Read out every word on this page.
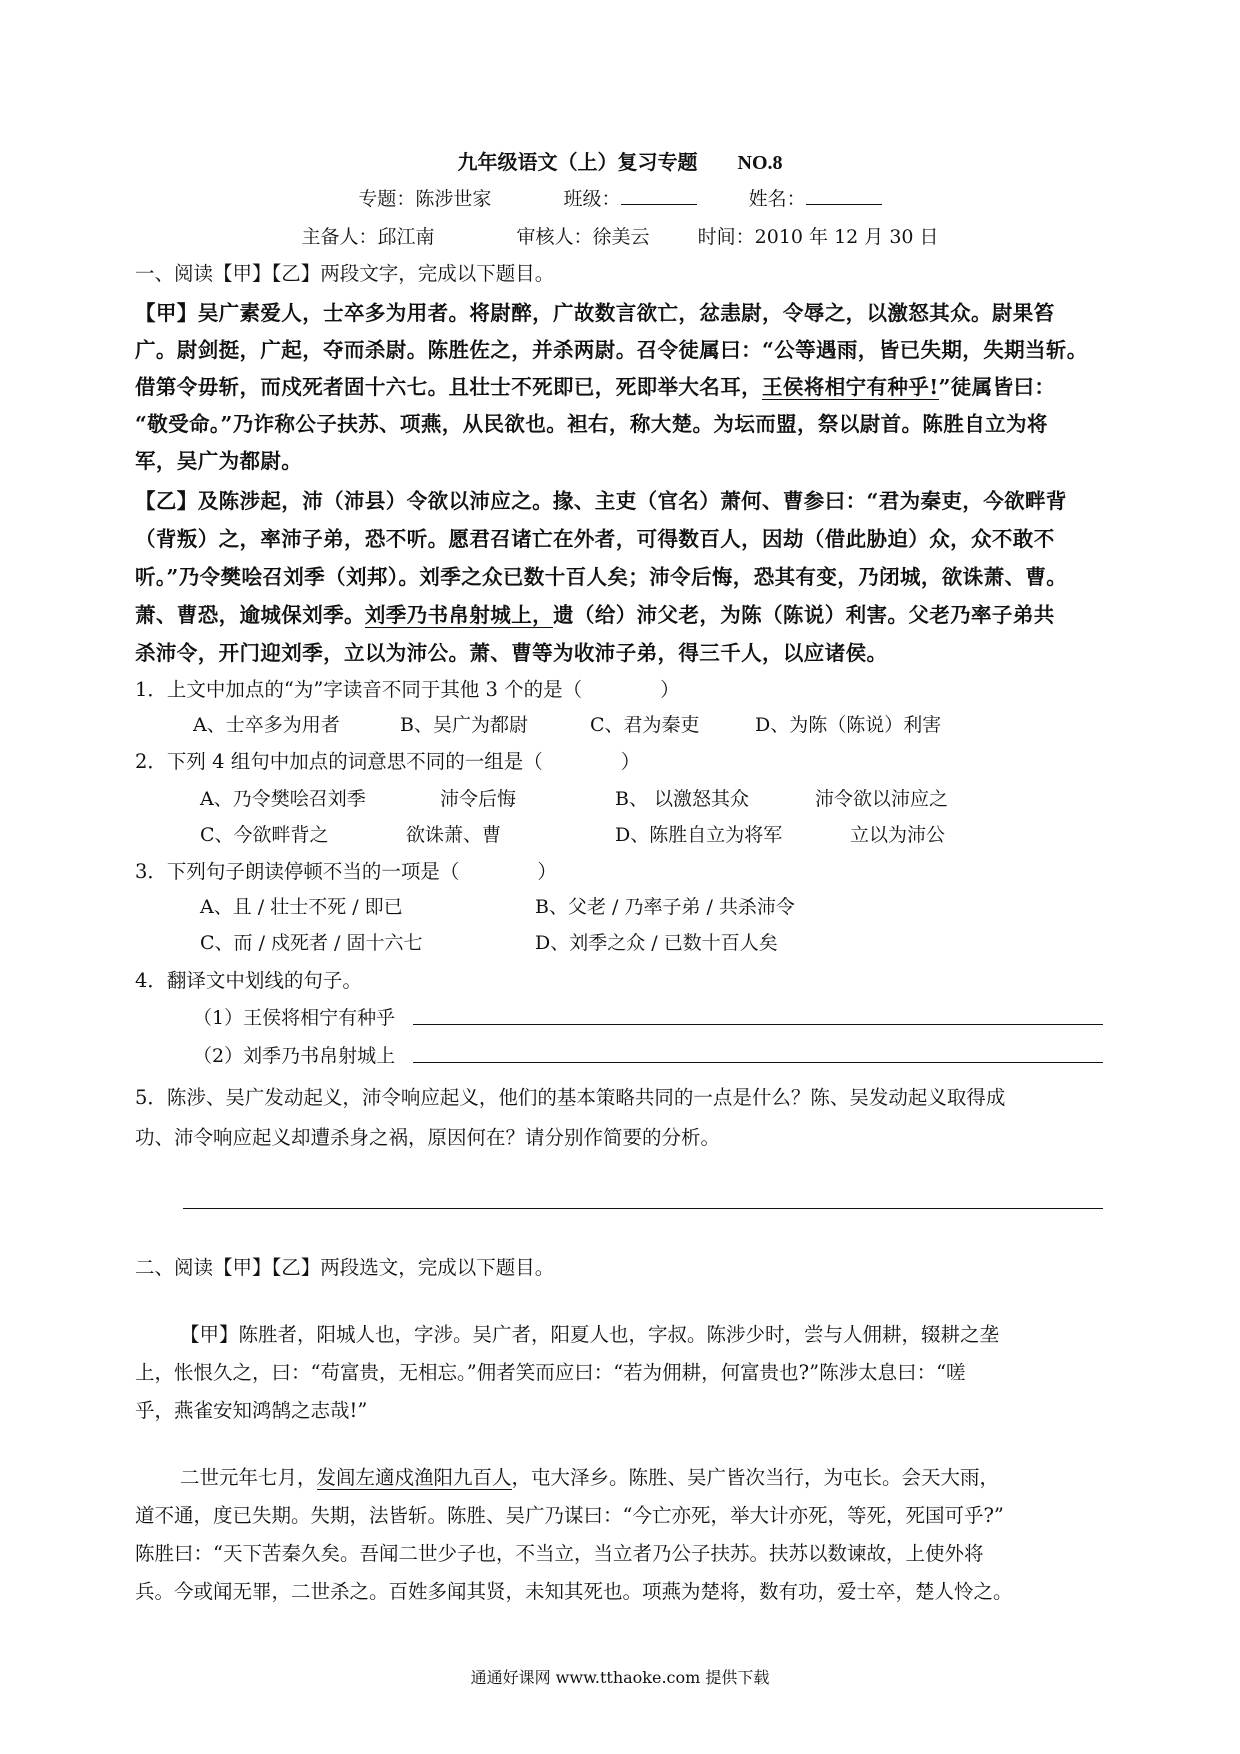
九年级语文（上）复习专题 NO.8
专题：陈涉世家	班级：	姓名：
主备人：邱江南	审核人：徐美云	时间：2010 年 12 月 30 日
一、阅读【甲】【乙】两段文字，完成以下题目。
【甲】吴广素爱人，士卒多为用者。将尉醉，广故数言欲亡，忿恚尉，令辱之，以激怒其众。尉果笞
广。尉剑挺，广起，夺而杀尉。陈胜佐之，并杀两尉。召令徒属曰：“公等遇雨，皆已失期，失期当斩。
借第令毋斩，而戍死者固十六七。且壮士不死即已，死即举大名耳，王侯将相宁有种乎!”徒属皆曰：
“敬受命。”乃诈称公子扶苏、项燕，从民欲也。袒右，称大楚。为坛而盟，祭以尉首。陈胜自立为将
军，吴广为都尉。
【乙】及陈涉起，沛（沛县）令欲以沛应之。掾、主吏（官名）萧何、曹参曰：“君为秦吏，今欲畔背
（背叛）之，率沛子弟，恐不听。愿君召诸亡在外者，可得数百人，因劫（借此胁迫）众，众不敢不
听。”乃令樊哙召刘季（刘邦）。刘季之众已数十百人矣；沛令后悔，恐其有变，乃闭城，欲诛萧、曹。
萧、曹恐，逾城保刘季。刘季乃书帛射城上，遗（给）沛父老，为陈（陈说）利害。父老乃率子弟共
杀沛令，开门迎刘季，立以为沛公。萧、曹等为收沛子弟，得三千人，以应诸侯。
1．上文中加点的“为”字读音不同于其他 3 个的是（　　　　）
A、士卒多为用者	B、吴广为都尉	C、君为秦吏	D、为陈（陈说）利害
2．下列 4 组句中加点的词意思不同的一组是（　　　　）
A、乃令樊哙召刘季	沛令后悔	B、 以激怒其众	沛令欲以沛应之
C、今欲畔背之	欲诛萧、曹	D、陈胜自立为将军	立以为沛公
3．下列句子朗读停顿不当的一项是（　　　　）
A、且 / 壮士不死 / 即已	B、父老 / 乃率子弟 / 共杀沛令
C、而 / 戍死者 / 固十六七	D、刘季之众 / 已数十百人矣
4．翻译文中划线的句子。
（1）王侯将相宁有种乎
（2）刘季乃书帛射城上
5．陈涉、吴广发动起义，沛令响应起义，他们的基本策略共同的一点是什么？陈、吴发动起义取得成
功、沛令响应起义却遭杀身之祸，原因何在？请分别作简要的分析。
二、阅读【甲】【乙】两段选文，完成以下题目。
【甲】陈胜者，阳城人也，字涉。吴广者，阳夏人也，字叔。陈涉少时，尝与人佣耕，辍耕之垄
上，怅恨久之，曰：“苟富贵，无相忘。”佣者笑而应曰：“若为佣耕，何富贵也?”陈涉太息曰：“嗟
乎，燕雀安知鸿鹄之志哉!”
二世元年七月，发闾左適戍渔阳九百人，屯大泽乡。陈胜、吴广皆次当行，为屯长。会天大雨，
道不通，度已失期。失期，法皆斩。陈胜、吴广乃谋曰：“今亡亦死，举大计亦死，等死，死国可乎?”
陈胜曰：“天下苦秦久矣。吾闻二世少子也，不当立，当立者乃公子扶苏。扶苏以数谏故，上使外将
兵。今或闻无罪，二世杀之。百姓多闻其贤，未知其死也。项燕为楚将，数有功，爱士卒，楚人怜之。
通通好课网 www.tthaoke.com 提供下载
